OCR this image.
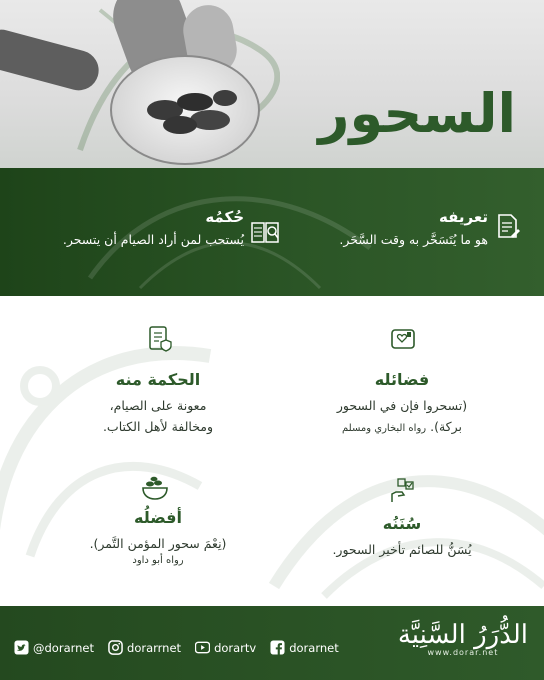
السحور
تعريفه
هو ما يُتَسَحَّر به وقت السَّحَر.
حُكمُه
يُستحب لمن أراد الصيام أن يتسحر.
فضائله
(تسحروا فإن في السحور
بركة). رواه البخاري ومسلم
الحكمة منه
معونة على الصيام،
ومخالفة لأهل الكتاب.
سُنَنُه
يُسَنُّ للصائم تأخير السحور.
أفضلُه
(نِعْمَ سحور المؤمن التَّمر).
رواه أبو داود
@dorarnet	dorarrnet	dorartv	dorarnet الدُّرَرُ السَّنِيَّة
www.dorar.net
